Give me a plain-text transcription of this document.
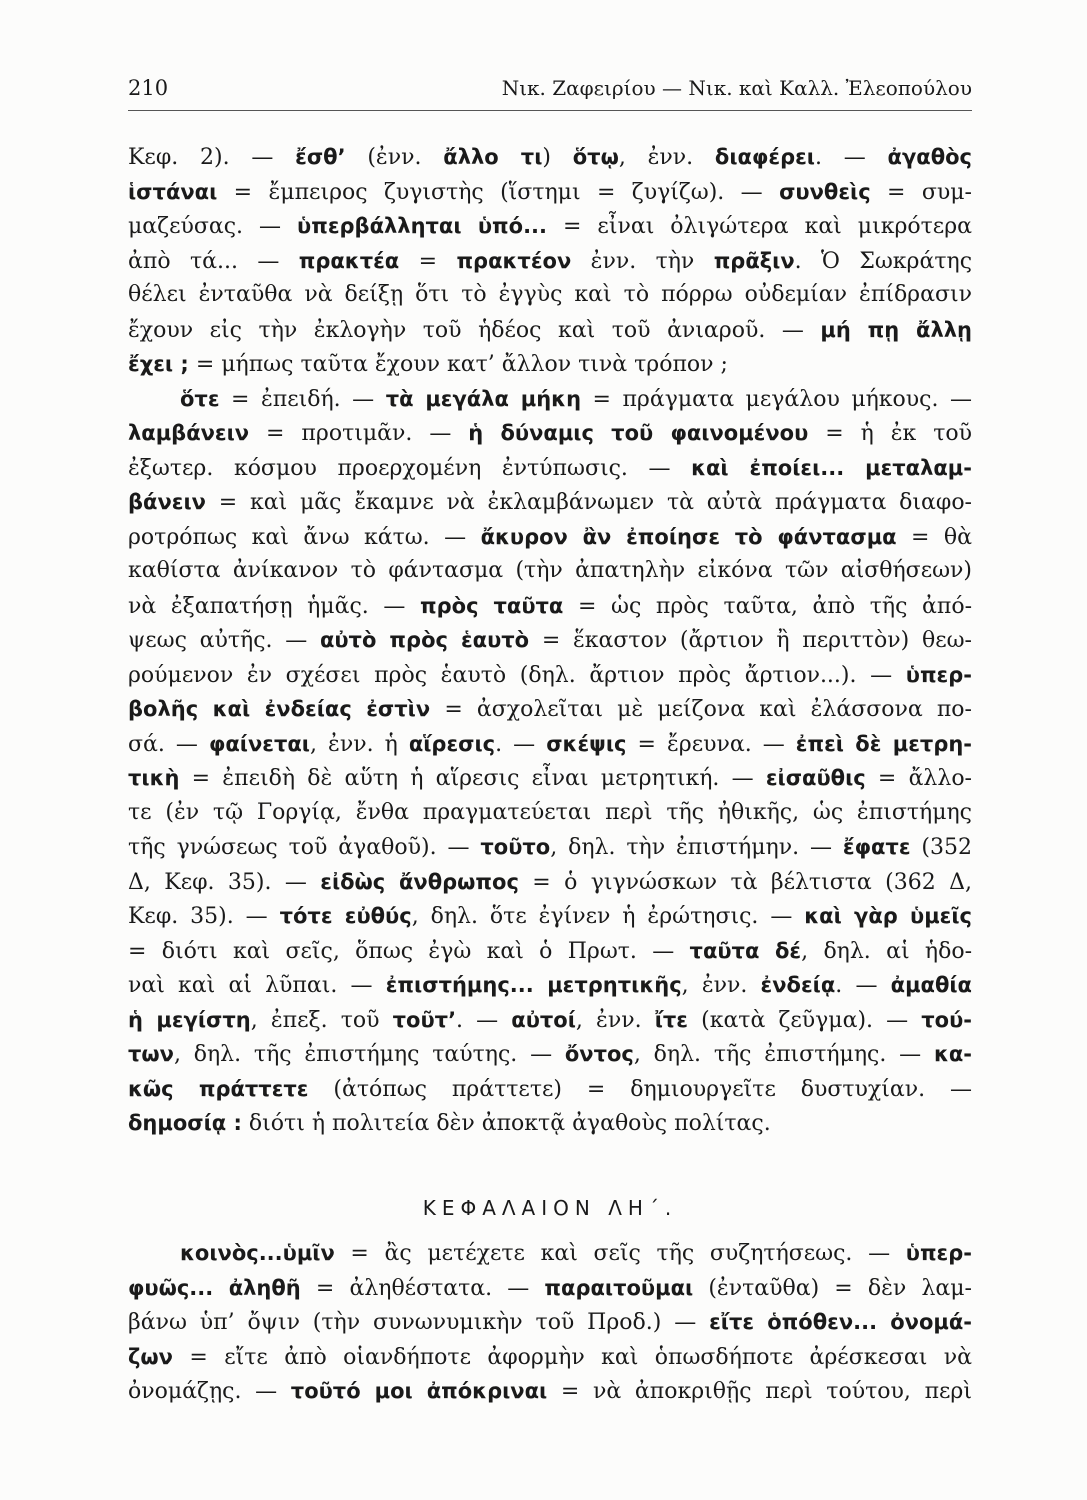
210	Νικ. Ζαφειρίου — Νικ. καὶ Καλλ. Ἐλεοπούλου
Κεφ. 2). — ἔσθ’ (ἐνν. ἄλλο τι) ὅτῳ, ἐνν. διαφέρει. — ἀγαθὸς
ἱστάναι = ἔμπειρος ζυγιστὴς (ἵστημι = ζυγίζω). — συνθεὶς = συμ-
μαζεύσας. — ὑπερβάλληται ὑπό... = εἶναι ὀλιγώτερα καὶ μικρότερα
ἀπὸ τά... — πρακτέα = πρακτέον ἐνν. τὴν πρᾶξιν. Ὁ Σωκράτης
θέλει ἐνταῦθα νὰ δείξῃ ὅτι τὸ ἐγγὺς καὶ τὸ πόρρω οὐδεμίαν ἐπίδρασιν
ἔχουν εἰς τὴν ἐκλογὴν τοῦ ἡδέος καὶ τοῦ ἀνιαροῦ. — μή πῃ ἄλλῃ
ἔχει ; = μήπως ταῦτα ἔχουν κατ’ ἄλλον τινὰ τρόπον ;
ὅτε = ἐπειδή. — τὰ μεγάλα μήκη = πράγματα μεγάλου μήκους. —
λαμβάνειν = προτιμᾶν. — ἡ δύναμις τοῦ φαινομένου = ἡ ἐκ τοῦ
ἐξωτερ. κόσμου προερχομένη ἐντύπωσις. — καὶ ἐποίει... μεταλαμ-
βάνειν = καὶ μᾶς ἔκαμνε νὰ ἐκλαμβάνωμεν τὰ αὐτὰ πράγματα διαφο-
ροτρόπως καὶ ἄνω κάτω. — ἄκυρον ἂν ἐποίησε τὸ φάντασμα = θὰ
καθίστα ἀνίκανον τὸ φάντασμα (τὴν ἀπατηλὴν εἰκόνα τῶν αἰσθήσεων)
νὰ ἐξαπατήσῃ ἡμᾶς. — πρὸς ταῦτα = ὡς πρὸς ταῦτα, ἀπὸ τῆς ἀπό-
ψεως αὐτῆς. — αὐτὸ πρὸς ἑαυτὸ = ἕκαστον (ἄρτιον ἢ περιττὸν) θεω-
ρούμενον ἐν σχέσει πρὸς ἑαυτὸ (δηλ. ἄρτιον πρὸς ἄρτιον...). — ὑπερ-
βολῆς καὶ ἐνδείας ἐστὶν = ἀσχολεῖται μὲ μείζονα καὶ ἐλάσσονα πο-
σά. — φαίνεται, ἐνν. ἡ αἵρεσις. — σκέψις = ἔρευνα. — ἐπεὶ δὲ μετρη-
τικὴ = ἐπειδὴ δὲ αὕτη ἡ αἵρεσις εἶναι μετρητική. — εἰσαῦθις = ἄλλο-
τε (ἐν τῷ Γοργίᾳ, ἔνθα πραγματεύεται περὶ τῆς ἠθικῆς, ὡς ἐπιστήμης
τῆς γνώσεως τοῦ ἀγαθοῦ). — τοῦτο, δηλ. τὴν ἐπιστήμην. — ἔφατε (352
Δ, Κεφ. 35). — εἰδὼς ἄνθρωπος = ὁ γιγνώσκων τὰ βέλτιστα (362 Δ,
Κεφ. 35). — τότε εὐθύς, δηλ. ὅτε ἐγίνεν ἡ ἐρώτησις. — καὶ γὰρ ὑμεῖς
= διότι καὶ σεῖς, ὅπως ἐγὼ καὶ ὁ Πρωτ. — ταῦτα δέ, δηλ. αἱ ἡδο-
ναὶ καὶ αἱ λῦπαι. — ἐπιστήμης... μετρητικῆς, ἐνν. ἐνδείᾳ. — ἀμαθία
ἡ μεγίστη, ἐπεξ. τοῦ τοῦτ’. — αὐτοί, ἐνν. ἴτε (κατὰ ζεῦγμα). — τού-
των, δηλ. τῆς ἐπιστήμης ταύτης. — ὄντος, δηλ. τῆς ἐπιστήμης. — κα-
κῶς πράττετε (ἀτόπως πράττετε) = δημιουργεῖτε δυστυχίαν. —
δημοσίᾳ : διότι ἡ πολιτεία δὲν ἀποκτᾷ ἀγαθοὺς πολίτας.
ΚΕΦΑΛΑΙΟΝ ΛΗ΄.
κοινὸς...ὑμῖν = ἂς μετέχετε καὶ σεῖς τῆς συζητήσεως. — ὑπερ-
φυῶς... ἀληθῆ = ἀληθέστατα. — παραιτοῦμαι (ἐνταῦθα) = δὲν λαμ-
βάνω ὑπ’ ὄψιν (τὴν συνωνυμικὴν τοῦ Προδ.) — εἴτε ὁπόθεν... ὀνομά-
ζων = εἴτε ἀπὸ οἱανδήποτε ἀφορμὴν καὶ ὁπωσδήποτε ἀρέσκεσαι νὰ
ὀνομάζῃς. — τοῦτό μοι ἀπόκριναι = νὰ ἀποκριθῇς περὶ τούτου, περὶ
